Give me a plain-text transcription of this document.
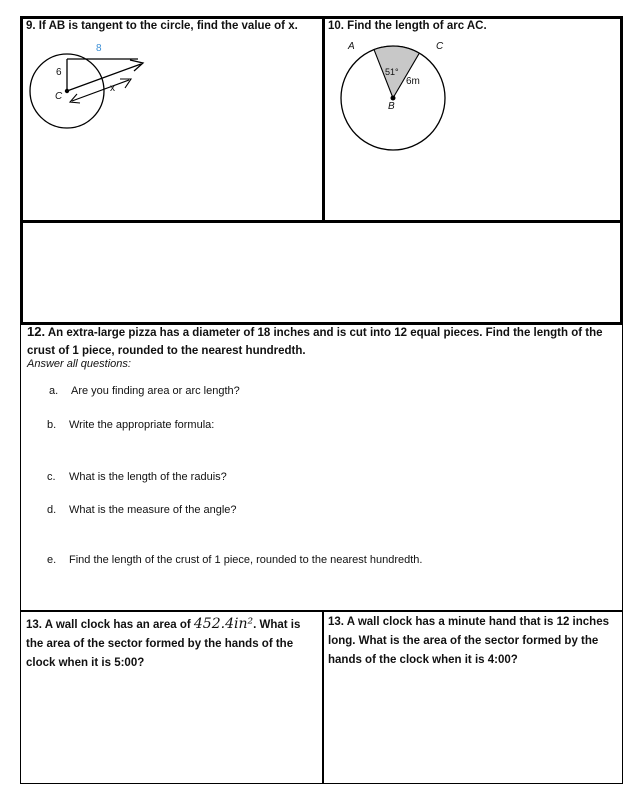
9. If AB is tangent to the circle, find the value of x.	10. Find the length of arc AC.
8
6
C
x
A	C
51°
6m
B
12. An extra-large pizza has a diameter of 18 inches and is cut into 12 equal pieces. Find the length of the crust of 1 piece, rounded to the nearest hundredth.
Answer all questions:
a. Are you finding area or arc length?
b. Write the appropriate formula:
c. What is the length of the raduis?
d. What is the measure of the angle?
e. Find the length of the crust of 1 piece, rounded to the nearest hundredth.
13. A wall clock has an area of 452.4in². What is the area of the sector formed by the hands of the clock when it is 5:00?
13. A wall clock has a minute hand that is 12 inches long. What is the area of the sector formed by the hands of the clock when it is 4:00?
